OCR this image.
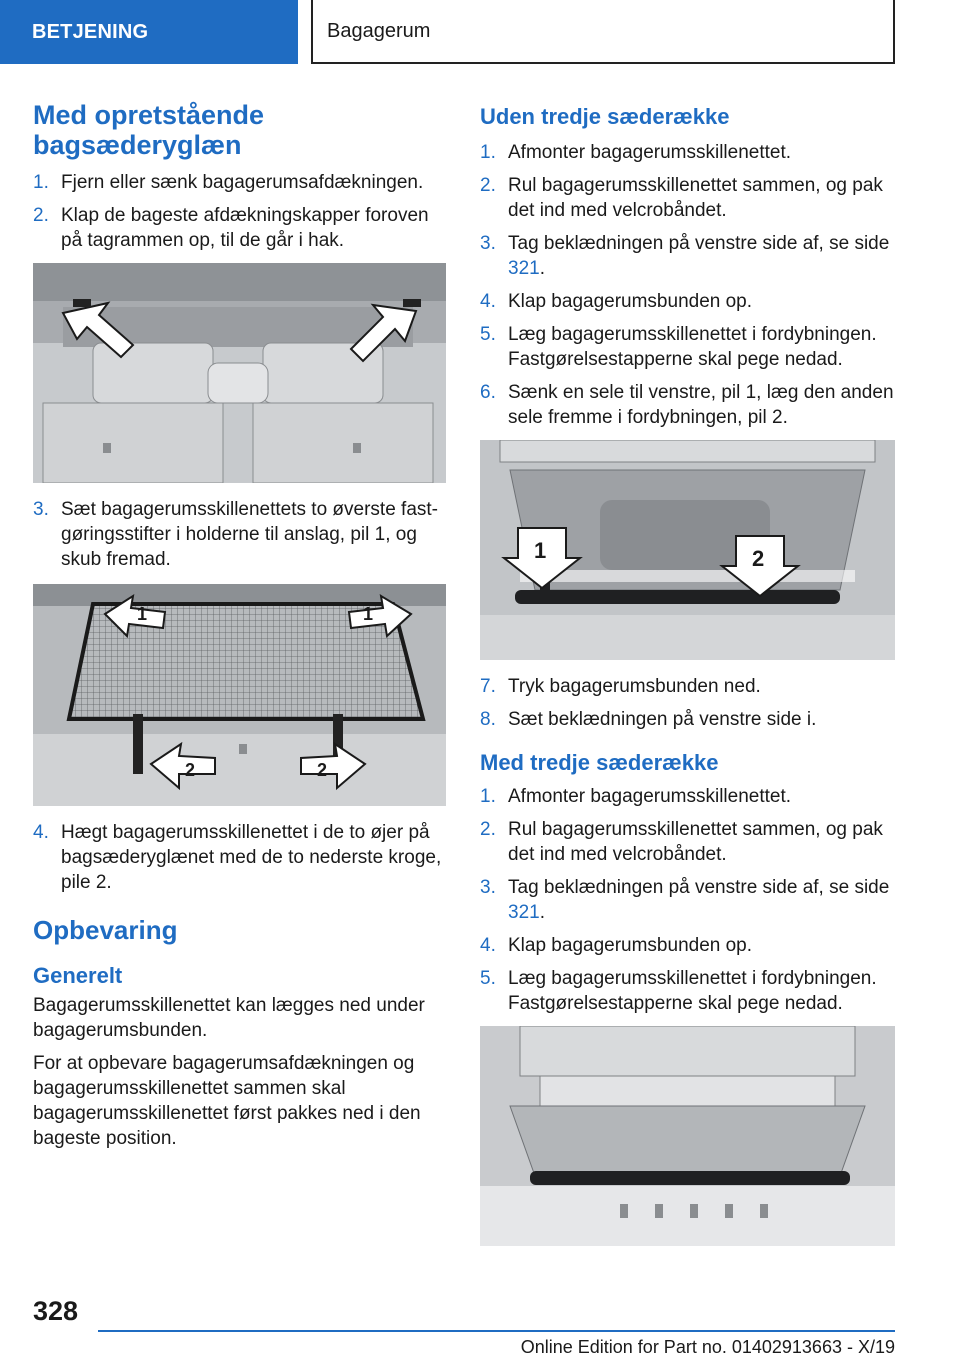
BETJENING	Bagagerum
Med opretstående bagsæderyglæn
1. Fjern eller sænk bagagerumsafdækningen.
2. Klap de bageste afdækningskapper foroven på tagrammen op, til de går i hak.
3. Sæt bagagerumsskillenettets to øverste fastgøringsstifter i holderne til anslag, pil 1, og skub fremad.
1	1
2	2
4. Hægt bagagerumsskillenettet i de to øjer på bagsæderyglænet med de to nederste kroge, pile 2.
Opbevaring
Generelt

Bagagerumsskillenettet kan lægges ned under bagagerumsbunden.

For at opbevare bagagerumsafdækningen og bagagerumsskillenettet sammen skal bagagerumsskillenettet først pakkes ned i den bageste position.

Uden tredje sæderække
1. Afmonter bagagerumsskillenettet.
2. Rul bagagerumsskillenettet sammen, og pak det ind med velcrobåndet.
3. Tag beklædningen på venstre side af, se side 321.
4. Klap bagagerumsbunden op.
5. Læg bagagerumsskillenettet i fordybningen. Fastgørelsestapperne skal pege nedad.
6. Sænk en sele til venstre, pil 1, læg den anden sele fremme i fordybningen, pil 2.
1	2
7. Tryk bagagerumsbunden ned.
8. Sæt beklædningen på venstre side i.
Med tredje sæderække
1. Afmonter bagagerumsskillenettet.
2. Rul bagagerumsskillenettet sammen, og pak det ind med velcrobåndet.
3. Tag beklædningen på venstre side af, se side 321.
4. Klap bagagerumsbunden op.
5. Læg bagagerumsskillenettet i fordybningen. Fastgørelsestapperne skal pege nedad.
328
Online Edition for Part no. 01402913663 - X/19
